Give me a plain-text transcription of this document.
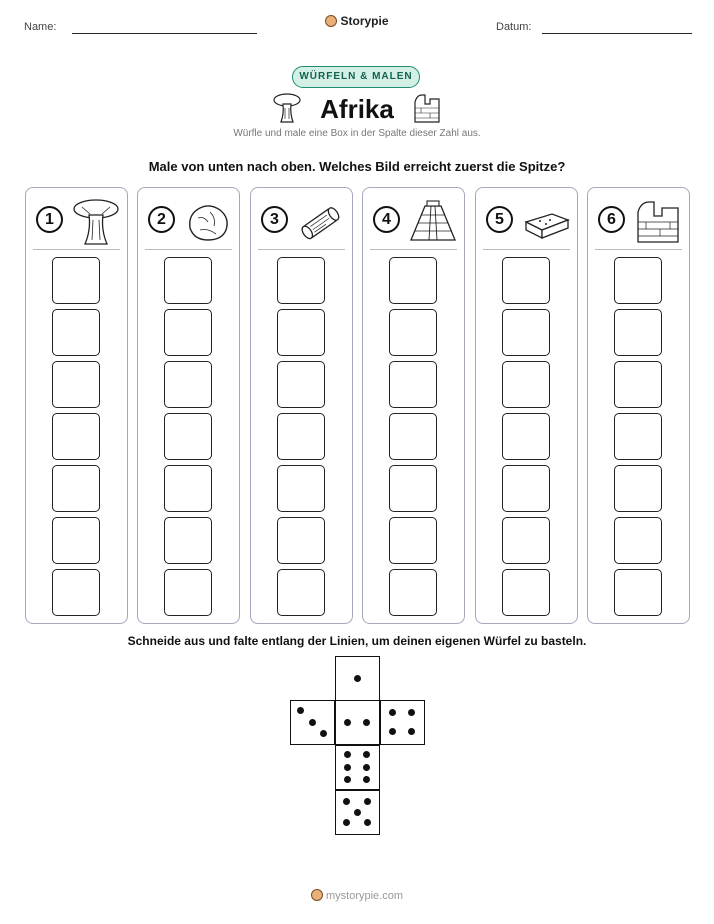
Name:	Storypie	Datum:
WÜRFELN & MALEN
Afrika
Würfle und male eine Box in der Spalte dieser Zahl aus.
Male von unten nach oben. Welches Bild erreicht zuerst die Spitze?
1	2	3	4	5	6
Schneide aus und falte entlang der Linien, um deinen eigenen Würfel zu basteln.
mystorypie.com
